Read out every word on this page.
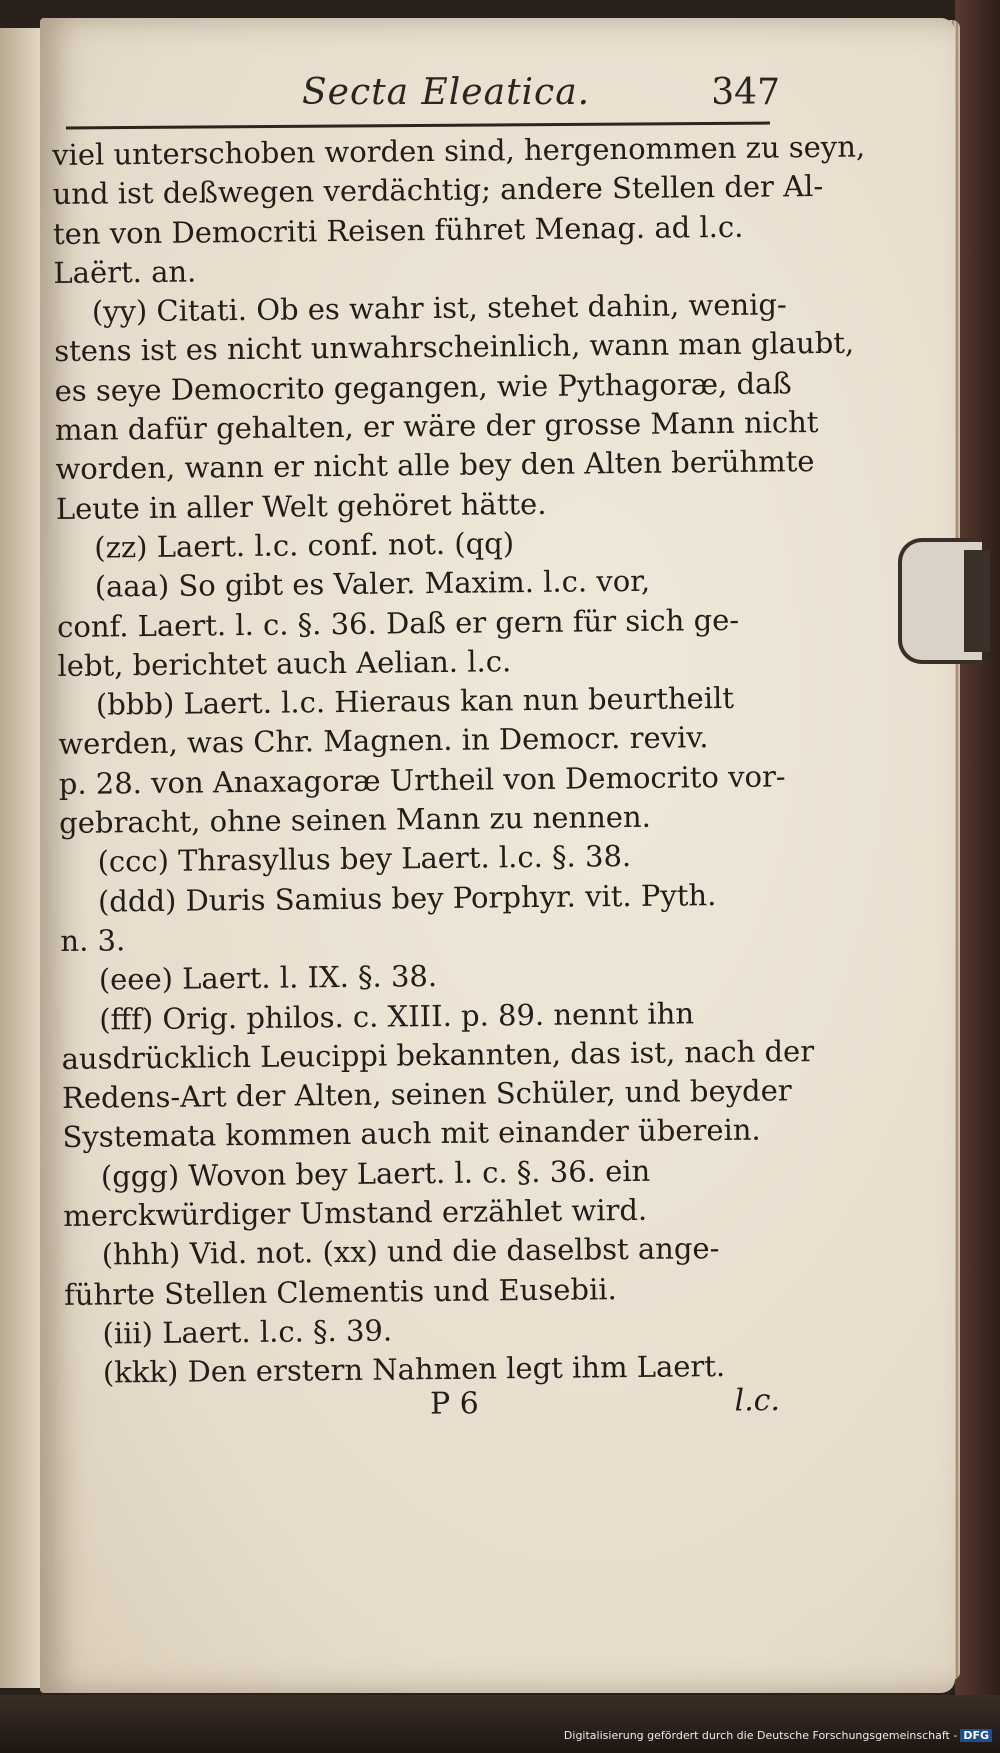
Secta Eleatica.	347
viel unterschoben worden sind, hergenommen zu seyn,
und ist deßwegen verdächtig; andere Stellen der Al-
ten von Democriti Reisen führet Menag. ad l.c.
Laërt. an.
(yy) Citati. Ob es wahr ist, stehet dahin, wenig-
stens ist es nicht unwahrscheinlich, wann man glaubt,
es seye Democrito gegangen, wie Pythagoræ, daß
man dafür gehalten, er wäre der grosse Mann nicht
worden, wann er nicht alle bey den Alten berühmte
Leute in aller Welt gehöret hätte.
(zz) Laert. l.c. conf. not. (qq)
(aaa) So gibt es Valer. Maxim. l.c. vor,
conf. Laert. l. c. §. 36. Daß er gern für sich ge-
lebt, berichtet auch Aelian. l.c.
(bbb) Laert. l.c. Hieraus kan nun beurtheilt
werden, was Chr. Magnen. in Democr. reviv.
p. 28. von Anaxagoræ Urtheil von Democrito vor-
gebracht, ohne seinen Mann zu nennen.
(ccc) Thrasyllus bey Laert. l.c. §. 38.
(ddd) Duris Samius bey Porphyr. vit. Pyth.
n. 3.
(eee) Laert. l. IX. §. 38.
(fff) Orig. philos. c. XIII. p. 89. nennt ihn
ausdrücklich Leucippi bekannten, das ist, nach der
Redens-Art der Alten, seinen Schüler, und beyder
Systemata kommen auch mit einander überein.
(ggg) Wovon bey Laert. l. c. §. 36. ein
merckwürdiger Umstand erzählet wird.
(hhh) Vid. not. (xx) und die daselbst ange-
führte Stellen Clementis und Eusebii.
(iii) Laert. l.c. §. 39.
(kkk) Den erstern Nahmen legt ihm Laert.
P 6	l.c.
Digitalisierung gefördert durch die Deutsche Forschungsgemeinschaft - DFG
